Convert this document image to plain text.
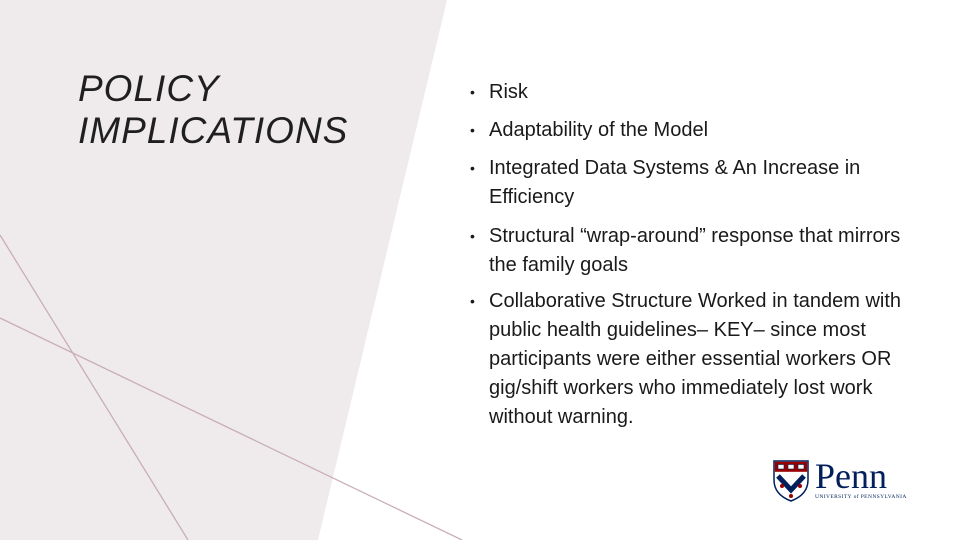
POLICY
IMPLICATIONS
• Risk
• Adaptability of the Model
• Integrated Data Systems & An Increase in Efficiency
• Structural “wrap-around” response that mirrors the family goals
• Collaborative Structure Worked in tandem with public health guidelines– KEY– since most participants were either essential workers OR gig/shift workers who immediately lost work without warning.
Penn
UNIVERSITY of PENNSYLVANIA
